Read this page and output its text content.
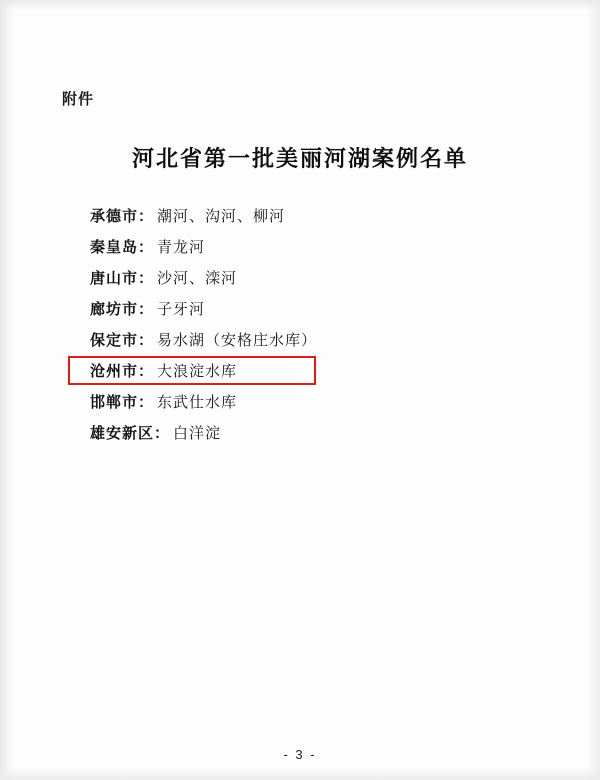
附件
河北省第一批美丽河湖案例名单
承德市 ： 潮河、沟河、柳河
秦皇岛 ： 青龙河
唐山市 ： 沙河、滦河
廊坊市 ： 子牙河
保定市 ： 易水湖（安格庄水库）
沧州市 ： 大浪淀水库
邯郸市 ： 东武仕水库
雄安新区 ： 白洋淀
- 3 -
